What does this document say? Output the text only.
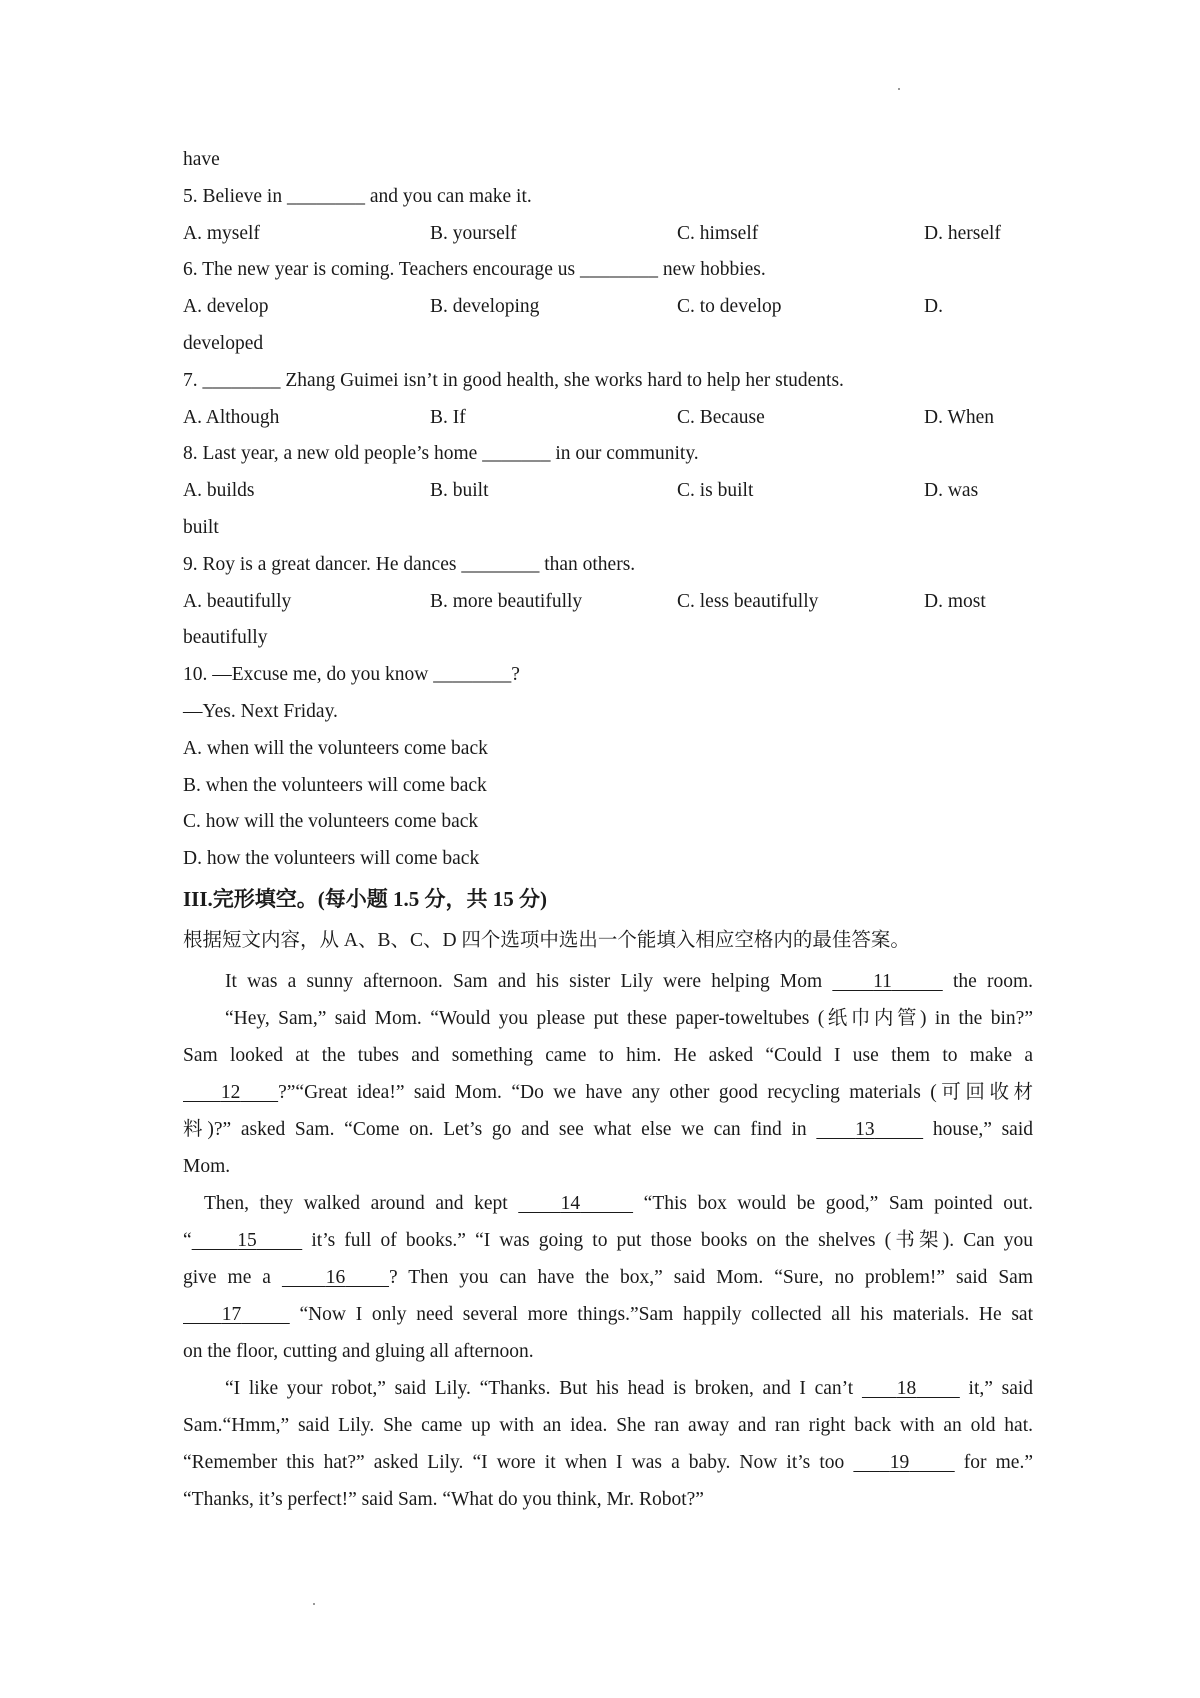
have
5. Believe in ________ and you can make it.
A. myself	B. yourself	C. himself	D. herself
6. The new year is coming. Teachers encourage us ________ new hobbies.
A. develop	B. developing	C. to develop	D.
developed
7. ________ Zhang Guimei isn’t in good health, she works hard to help her students.
A. Although	B. If	C. Because	D. When
8. Last year, a new old people’s home _______ in our community.
A. builds	B. built	C. is built	D. was
built
9. Roy is a great dancer. He dances ________ than others.
A. beautifully	B. more beautifully	C. less beautifully	D. most
beautifully
10. —Excuse me, do you know ________?
—Yes. Next Friday.
A. when will the volunteers come back
B. when the volunteers will come back
C. how will the volunteers come back
D. how the volunteers will come back
III.完形填空。(每小题 1.5 分，共 15 分)
根据短文内容，从 A、B、C、D 四个选项中选出一个能填入相应空格内的最佳答案。
It was a sunny afternoon. Sam and his sister Lily were helping Mom     11	the room.
“Hey, Sam,” said Mom. “Would you please put these paper-toweltubes (纸巾内管) in the bin?”
Sam looked at the tubes and something came to him. He asked “Could I use them to make a
12 ?”“Great idea!” said Mom. “Do we have any other good recycling materials (可回收材
料)?” asked Sam. “Come on. Let’s go and see what else we can find in     13      house,” said
Mom.
Then, they walked around and kept     14	“This box would be good,” Sam pointed out.
“ 15      it’s full of books.” “I was going to put those books on the shelves (书架). Can you
give me a     16 ? Then you can have the box,” said Mom. “Sure, no problem!” said Sam
17      “Now I only need several more things.”Sam happily collected all his materials. He sat
on the floor, cutting and gluing all afternoon.
“I like your robot,” said Lily. “Thanks. But his head is broken, and I can’t     18      it,” said
Sam.“Hmm,” said Lily. She came up with an idea. She ran away and ran right back with an old hat.
“Remember this hat?” asked Lily. “I wore it when I was a baby. Now it’s too     19      for me.”
“Thanks, it’s perfect!” said Sam. “What do you think, Mr. Robot?”
